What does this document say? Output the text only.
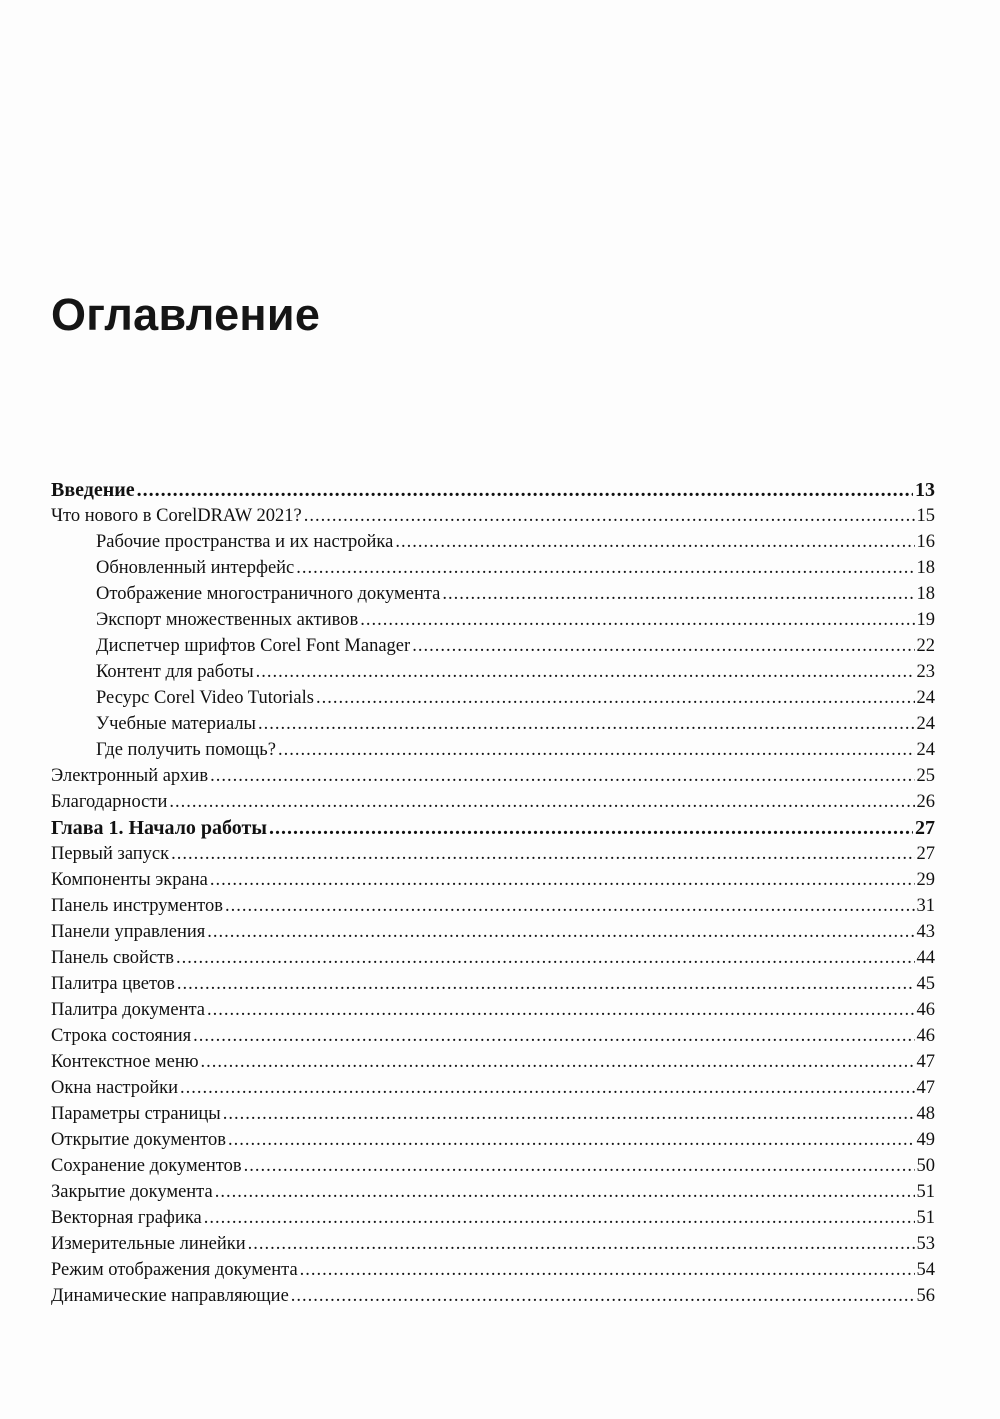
Оглавление
Введение .....	13
Что нового в CorelDRAW 2021? .....	15
Рабочие пространства и их настройка .....	16
Обновленный интерфейс .....	18
Отображение многостраничного документа .....	18
Экспорт множественных активов .....	19
Диспетчер шрифтов Corel Font Manager .....	22
Контент для работы .....	23
Ресурс Corel Video Tutorials .....	24
Учебные материалы .....	24
Где получить помощь? .....	24
Электронный архив .....	25
Благодарности .....	26
Глава 1. Начало работы .....	27
Первый запуск .....	27
Компоненты экрана .....	29
Панель инструментов .....	31
Панели управления .....	43
Панель свойств .....	44
Палитра цветов .....	45
Палитра документа .....	46
Строка состояния .....	46
Контекстное меню .....	47
Окна настройки .....	47
Параметры страницы .....	48
Открытие документов .....	49
Сохранение документов .....	50
Закрытие документа .....	51
Векторная графика .....	51
Измерительные линейки .....	53
Режим отображения документа .....	54
Динамические направляющие .....	56
